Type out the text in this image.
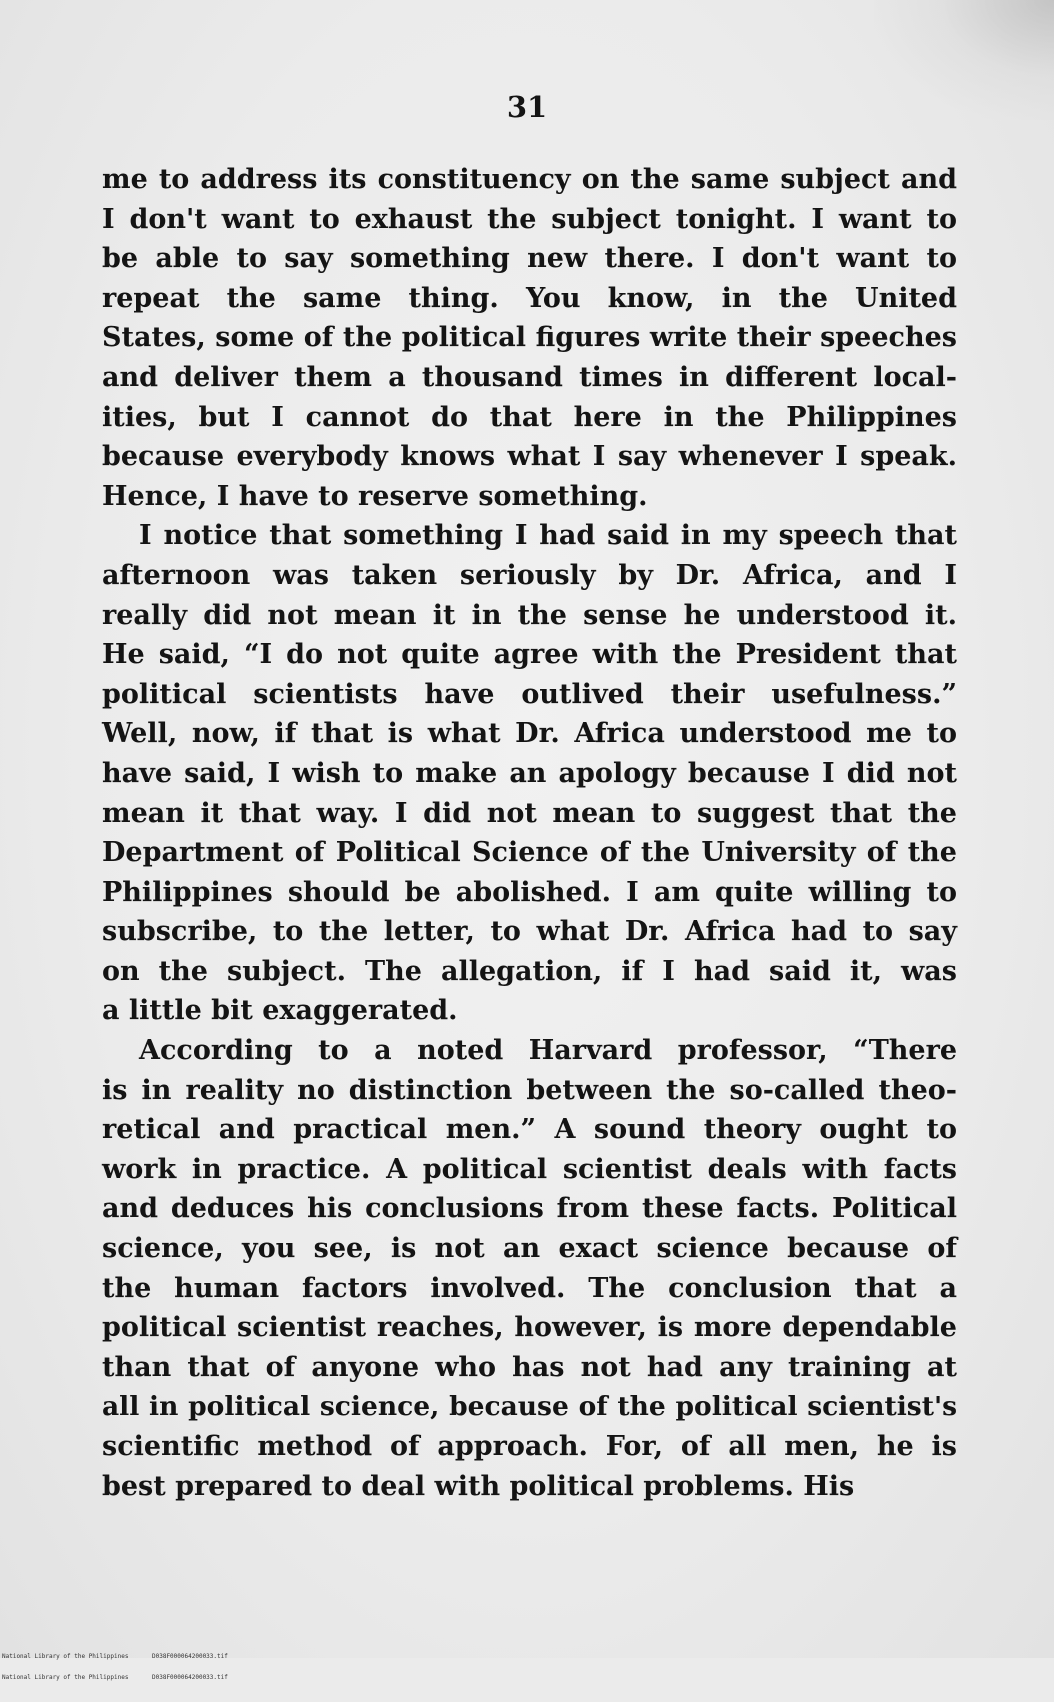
31
me to address its constituency on the same subject and
I don't want to exhaust the subject tonight. I want to
be able to say something new there. I don't want to
repeat the same thing. You know, in the United
States, some of the political figures write their speeches
and deliver them a thousand times in different local-
ities, but I cannot do that here in the Philippines
because everybody knows what I say whenever I speak.
Hence, I have to reserve something.
I notice that something I had said in my speech that
afternoon was taken seriously by Dr. Africa, and I
really did not mean it in the sense he understood it.
He said, “I do not quite agree with the President that
political scientists have outlived their usefulness.”
Well, now, if that is what Dr. Africa understood me to
have said, I wish to make an apology because I did not
mean it that way. I did not mean to suggest that the
Department of Political Science of the University of the
Philippines should be abolished. I am quite willing to
subscribe, to the letter, to what Dr. Africa had to say
on the subject. The allegation, if I had said it, was
a little bit exaggerated.
According to a noted Harvard professor, “There
is in reality no distinction between the so-called theo-
retical and practical men.” A sound theory ought to
work in practice. A political scientist deals with facts
and deduces his conclusions from these facts. Political
science, you see, is not an exact science because of
the human factors involved. The conclusion that a
political scientist reaches, however, is more dependable
than that of anyone who has not had any training at
all in political science, because of the political scientist's
scientific method of approach. For, of all men, he is
best prepared to deal with political problems. His

National Library of the Philippines

National Library of the Philippines

D038F000064200033.tif

D038F000064200033.tif
